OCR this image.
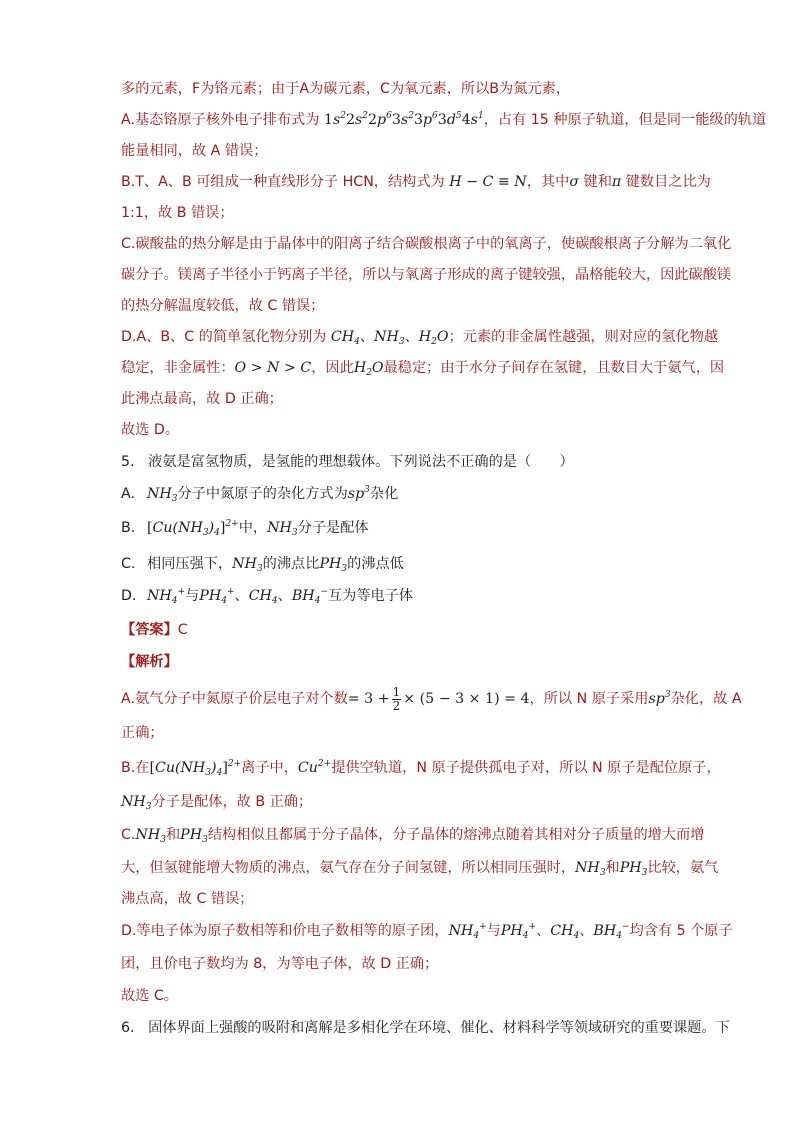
多的元素，F为铬元素；由于A为碳元素，C为氧元素，所以B为氮元素，
A.基态铬原子核外电子排布式为 $1s^22s^22p^63s^23p^63d^54s^1$，占有 15 种原子轨道，但是同一能级的轨道
能量相同，故 A 错误；
B.T、A、B 可组成一种直线形分子 HCN，结构式为 H − C ≡ N，其中σ 键和π 键数目之比为
1:1，故 B 错误；
C.碳酸盐的热分解是由于晶体中的阳离子结合碳酸根离子中的氧离子，使碳酸根离子分解为二氧化
碳分子。镁离子半径小于钙离子半径，所以与氧离子形成的离子键较强，晶格能较大，因此碳酸镁
的热分解温度较低，故 C 错误；
D.A、B、C 的简单氢化物分别为 $CH_4$、$NH_3$、$H_2O$；元素的非金属性越强，则对应的氢化物越
稳定，非金属性：O > N > C，因此$H_2O$最稳定；由于水分子间存在氢键，且数目大于氨气，因
此沸点最高，故 D 正确；
故选 D。
5. 液氨是富氢物质，是氢能的理想载体。下列说法不正确的是（　　）
A. $NH_3$分子中氮原子的杂化方式为$sp^3$杂化
B. $[Cu(NH_3)_4]^{2+}$中，$NH_3$分子是配体
C. 相同压强下，$NH_3$的沸点比$PH_3$的沸点低
D. $NH_4^+$与$PH_4^+$、$CH_4$、$BH_4^-$互为等电子体
【答案】C
【解析】
A.氨气分子中氮原子价层电子对个数= $3 + \frac{1}{2} \times (5 - 3 \times 1) = 4$，所以 N 原子采用$sp^3$杂化，故 A
正确；
B.在$[Cu(NH_3)_4]^{2+}$离子中，$Cu^{2+}$提供空轨道，N 原子提供孤电子对，所以 N 原子是配位原子，
$NH_3$分子是配体，故 B 正确；
$C.NH_3$和$PH_3$结构相似且都属于分子晶体，分子晶体的熔沸点随着其相对分子质量的增大而增
大，但氢键能增大物质的沸点，氨气存在分子间氢键，所以相同压强时，$NH_3$和$PH_3$比较，氨气
沸点高，故 C 错误；
D.等电子体为原子数相等和价电子数相等的原子团，$NH_4^+$与$PH_4^+$、$CH_4$、$BH_4^-$均含有 5 个原子
团，且价电子数均为 8，为等电子体，故 D 正确；
故选 C。
6. 固体界面上强酸的吸附和离解是多相化学在环境、催化、材料科学等领域研究的重要课题。下
